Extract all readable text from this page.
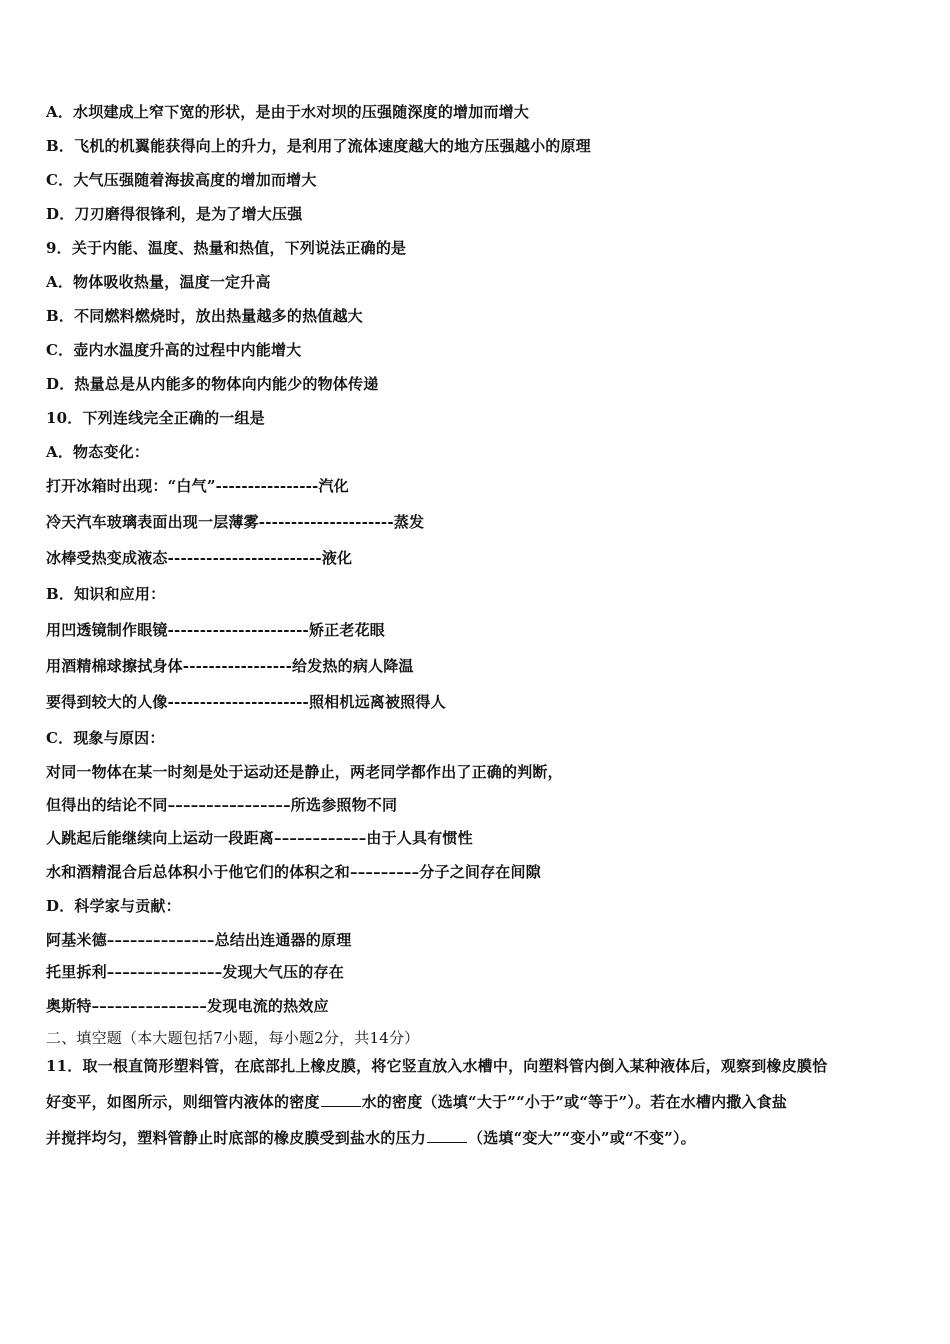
A．水坝建成上窄下宽的形状，是由于水对坝的压强随深度的增加而增大
B．飞机的机翼能获得向上的升力，是利用了流体速度越大的地方压强越小的原理
C．大气压强随着海拔高度的增加而增大
D．刀刃磨得很锋利，是为了增大压强
9．关于内能、温度、热量和热值，下列说法正确的是
A．物体吸收热量，温度一定升高
B．不同燃料燃烧时，放出热量越多的热值越大
C．壶内水温度升高的过程中内能增大
D．热量总是从内能多的物体向内能少的物体传递
10．下列连线完全正确的一组是
A．物态变化：
打开冰箱时出现：“白气”----------------汽化
冷天汽车玻璃表面出现一层薄雾---------------------蒸发
冰棒受热变成液态------------------------液化
B．知识和应用：
用凹透镜制作眼镜----------------------矫正老花眼
用酒精棉球擦拭身体-----------------给发热的病人降温
要得到较大的人像----------------------照相机远离被照得人
C．现象与原因：
对同一物体在某一时刻是处于运动还是静止，两老同学都作出了正确的判断，
但得出的结论不同––––––––––––––––所选参照物不同
人跳起后能继续向上运动一段距离––––––––––––由于人具有惯性
水和酒精混合后总体积小于他它们的体积之和–––––––––分子之间存在间隙
D．科学家与贡献：
阿基米德––––––––––––––总结出连通器的原理
托里拆利–––––––––––––––发现大气压的存在
奥斯特–––––––––––––––发现电流的热效应
二、填空题（本大题包括7小题，每小题2分，共14分）
11．取一根直筒形塑料管，在底部扎上橡皮膜，将它竖直放入水槽中，向塑料管内倒入某种液体后，观察到橡皮膜恰
好变平，如图所示，则细管内液体的密度	水的密度（选填“大于”“小于”或“等于”）。若在水槽内撒入食盐
并搅拌均匀，塑料管静止时底部的橡皮膜受到盐水的压力	（选填“变大”“变小”或“不变”）。
